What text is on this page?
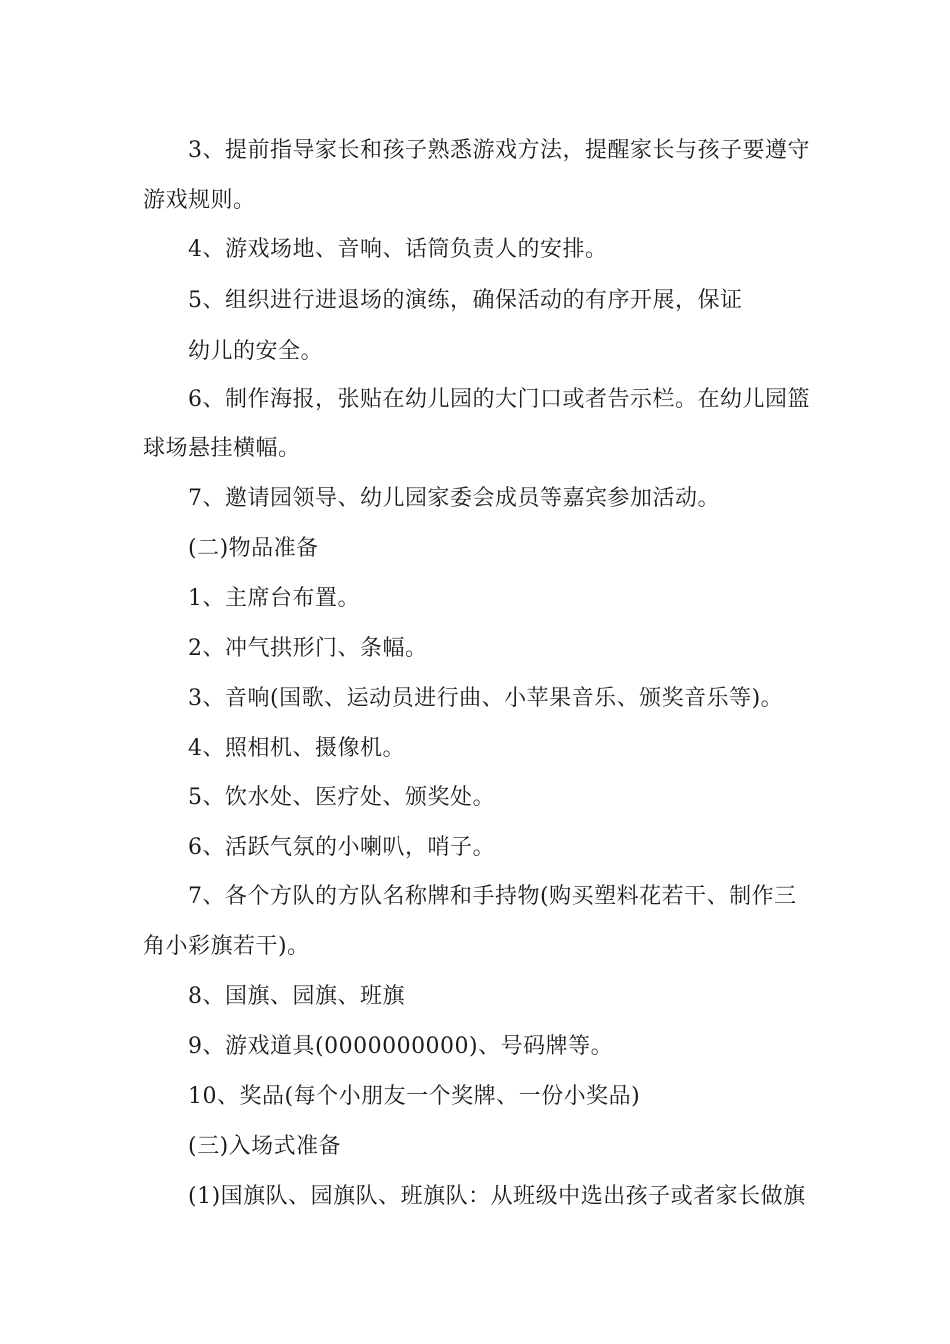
3、提前指导家长和孩子熟悉游戏方法，提醒家长与孩子要遵守
游戏规则。
4、游戏场地、音响、话筒负责人的安排。
5、组织进行进退场的演练，确保活动的有序开展，保证
幼儿的安全。
6、制作海报，张贴在幼儿园的大门口或者告示栏。在幼儿园篮
球场悬挂横幅。
7、邀请园领导、幼儿园家委会成员等嘉宾参加活动。
(二)物品准备
1、主席台布置。
2、冲气拱形门、条幅。
3、音响(国歌、运动员进行曲、小苹果音乐、颁奖音乐等)。
4、照相机、摄像机。
5、饮水处、医疗处、颁奖处。
6、活跃气氛的小喇叭，哨子。
7、各个方队的方队名称牌和手持物(购买塑料花若干、制作三
角小彩旗若干)。
8、国旗、园旗、班旗
9、游戏道具(0000000000)、号码牌等。
10、奖品(每个小朋友一个奖牌、一份小奖品)
(三)入场式准备
(1)国旗队、园旗队、班旗队：从班级中选出孩子或者家长做旗
